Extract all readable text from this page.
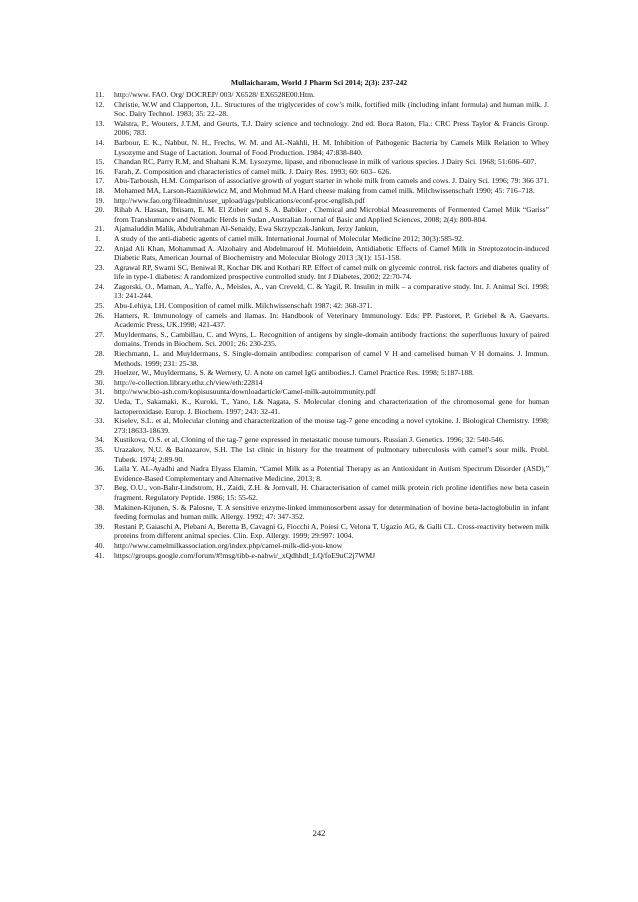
Mullaicharam, World J Pharm Sci 2014; 2(3): 237-242
11.	http://www. FAO. Org/ DOCREP/ 003/ X6528/ EX6528E00.Htm.
12.	Christie, W.W and Clapperton, J.L. Structures of the triglycerides of cow’s milk, fortified milk (including infant formula) and human milk. J. Soc. Dairy Technol. 1983; 35: 22–28.
13.	Walstra, P., Wouters, J.T.M, and Geurts, T.J. Dairy science and technology. 2nd ed. Boca Raton, Fla.: CRC Press Taylor & Francis Group. 2006; 783.
14.	Barbour, E. K., Nabbut, N. H., Frechs, W. M. and AL-Nakhli, H. M. Inhibition of Pathogenic Bacteria by Camels Milk Relation to Whey Lysozyme and Stage of Lactation. Journal of Food Production. 1984; 47:838-840.
15.	Chandan RC, Parry R.M, and Shahani K.M. Lysozyme, lipase, and ribonuclease in milk of various species. J Dairy Sci. 1968; 51:606–607.
16.	Farah, Z. Composition and characteristics of camel milk. J. Dairy Res. 1993; 60: 603– 626.
17.	Abu-Tarboush, H.M. Comparison of associative growth of yogurt starter in whole milk from camels and cows. J. Dairy Sci. 1996; 79: 366 371.
18.	Mohamed MA, Larson-Raznikiewicz M, and Mohmud M.A Hard cheese making from camel milk. Milchwissenschaft 1990; 45: 716–718.
19.	http://www.fao.org/fileadmin/user_upload/ags/publications/econf-proc-english.pdf
20.	Rihab A. Hassan, Ibtisam, E. M. El Zubeir and S. A. Babiker , Chemical and Microbial Measurements of Fermented Camel Milk “Gariss” from Transhumance and Nomadic Herds in Sudan ,Australian Journal of Basic and Applied Sciences, 2008; 2(4): 800-804.
21.	Ajamaluddin Malik, Abdulrahman Al-Senaidy, Ewa Skrzypczak-Jankun, Jerzy Jankun,
1.	A study of the anti-diabetic agents of camel milk. International Journal of Molecular Medicine 2012; 30(3):585-92.
22.	Anjad Ali Khan, Mohammad A. Alzohairy and Abdelmarouf H. Mohieldein, Antidiabetic Effects of Camel Milk in Streptozotocin-induced Diabetic Rats, American Journal of Biochemistry and Molecular Biology 2013 ;3(1): 151-158.
23.	Agrawal RP, Swami SC, Beniwal R, Kochar DK and Kothari RP. Effect of camel milk on glycemic control, risk factors and diabetes quality of life in type-1 diabetes: A randomized prospective controlled study. Int J Diabetes, 2002; 22:70-74.
24.	Zagorski, O., Maman, A., Yaffe, A., Meisles, A., van Creveld, C. & Yagil, R. Insulin in milk – a comparative study. Int. J. Animal Sci. 1998; 13: 241-244.
25.	Abu-Lehiya, I.H. Composition of camel milk. Milchwissenschaft 1987; 42: 368-371.
26.	Hamers, R. Immunology of camels and llamas. In: Handbook of Veterinary Immunology. Eds: PP. Pastoret, P. Griebel & A. Gaevarts. Academic Press, UK.1998; 421-437.
27.	Muyldermans, S., Cambillau, C. and Wyns, L. Recognition of antigens by single-domain antibody fractions: the superfluous luxury of paired domains. Trends in Biochem. Sci. 2001; 26: 230-235.
28.	Riechmann, L. and Muyldermans, S. Single-domain antibodies: comparison of camel V H and camelised human V H domains. J. Immun. Methods. 1999; 231: 25-38.
29.	Hoelzer, W., Muyldermans, S. & Wernery, U. A note on camel IgG antibodies.J. Camel Practice Res. 1998; 5:187-188.
30.	http://e-collection.library.ethz.ch/view/eth:22814
31.	http://www.bio-ash.com/kopisusuunta/downloadarticle/Camel-milk-autoimmunity.pdf
32.	Ueda, T., Sakamaki, K., Kuroki, T., Yano, I.& Nagata, S. Molecular cloning and characterization of the chromosomal gene for human lactoperoxidase. Europ. J. Biochem. 1997; 243: 32-41.
33.	Kiselev, S.L. et al, Molecular cloning and characterization of the mouse tag-7 gene encoding a novel cytokine. J. Biological Chemistry. 1998; 273:18633-18639.
34.	Kustikova, O.S. et al, Cloning of the tag-7 gene expressed in metastatic mouse tumours. Russian J. Genetics. 1996; 32: 540-546.
35.	Urazakov, N.U. & Bainazarov, S.H. The 1st clinic in history for the treatment of pulmonary tuberculosis with camel’s sour milk. Probl. Tuberk. 1974; 2:89-90.
36.	Laila Y. AL-Ayadhi and Nadra Elyass Elamin, “Camel Milk as a Potential Therapy as an Antioxidant in Autism Spectrum Disorder (ASD),” Evidence-Based Complementary and Alternative Medicine, 2013; 8.
37.	Beg, O.U., von-Bahr-Lindstrom, H., Zaidi, Z.H. & Jornvall, H. Characterisation of camel milk protein rich proline identifies new beta casein fragment. Regulatory Peptide. 1986; 15: 55-62.
38.	Makinen-Kijunen, S. & Palosne, T. A sensitive enzyme-linked immunosorbent assay for determination of bovine beta-lactoglobulin in infant feeding formulas and human milk. Allergy. 1992; 47: 347-352.
39.	Restani P, Gaiaschi A, Plebani A, Beretta B, Cavagni G, Fiocchi A, Poiesi C, Velona T, Ugazio AG, & Galli CL. Cross-reactivity between milk proteins from different animal species. Clin. Exp. Allergy. 1999; 29:997: 1004.
40.	http://www.camelmilkassociation.org/index.php/camel-milk-did-you-know
41.	https://groups.google.com/forum/#!msg/tibb-e-nabwi/_xQdhhdI_LQ/foE9uC2j7WMJ
242
